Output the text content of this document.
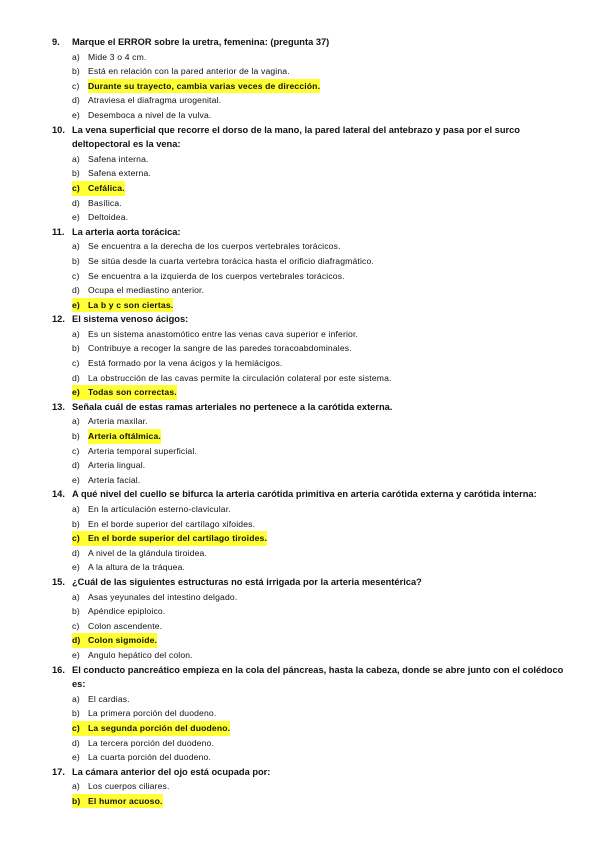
9.	Marque el ERROR sobre la uretra, femenina: (pregunta 37)
a) Mide 3 o 4 cm.
b) Está en relación con la pared anterior de la vagina.
c) Durante su trayecto, cambia varias veces de dirección.
d) Atraviesa el diafragma urogenital.
e) Desemboca a nivel de la vulva.
10. La vena superficial que recorre el dorso de la mano, la pared lateral del antebrazo y pasa por el surco deltopectoral es la vena:
a) Safena interna.
b) Safena externa.
c) Cefálica.
d) Basílica.
e) Deltoidea.
11. La arteria aorta torácica:
a) Se encuentra a la derecha de los cuerpos vertebrales torácicos.
b) Se sitúa desde la cuarta vertebra torácica hasta el orificio diafragmático.
c) Se encuentra a la izquierda de los cuerpos vertebrales torácicos.
d) Ocupa el mediastino anterior.
e) La b y c son ciertas.
12. El sistema venoso ácigos:
a) Es un sistema anastomótico entre las venas cava superior e inferior.
b) Contribuye a recoger la sangre de las paredes toracoabdominales.
c) Está formado por la vena ácigos y la hemiácigos.
d) La obstrucción de las cavas permite la circulación colateral por este sistema.
e) Todas son correctas.
13. Señala cuál de estas ramas arteriales no pertenece a la carótida externa.
a) Arteria maxilar.
b) Arteria oftálmica.
c) Arteria temporal superficial.
d) Arteria lingual.
e) Arteria facial.
14. A qué nivel del cuello se bifurca la arteria carótida primitiva en arteria carótida externa y carótida interna:
a) En la articulación esterno-clavicular.
b) En el borde superior del cartílago xifoides.
c) En el borde superior del cartílago tiroides.
d) A nivel de la glándula tiroidea.
e) A la altura de la tráquea.
15. ¿Cuál de las siguientes estructuras no está irrigada por la arteria mesentérica?
a) Asas yeyunales del intestino delgado.
b) Apéndice epiploico.
c) Colon ascendente.
d) Colon sigmoide.
e) Angulo hepático del colon.
16. El conducto pancreático empieza en la cola del páncreas, hasta la cabeza, donde se abre junto con el colédoco es:
a) El cardias.
b) La primera porción del duodeno.
c) La segunda porción del duodeno.
d) La tercera porción del duodeno.
e) La cuarta porción del duodeno.
17. La cámara anterior del ojo está ocupada por:
a) Los cuerpos ciliares.
b) El humor acuoso.
